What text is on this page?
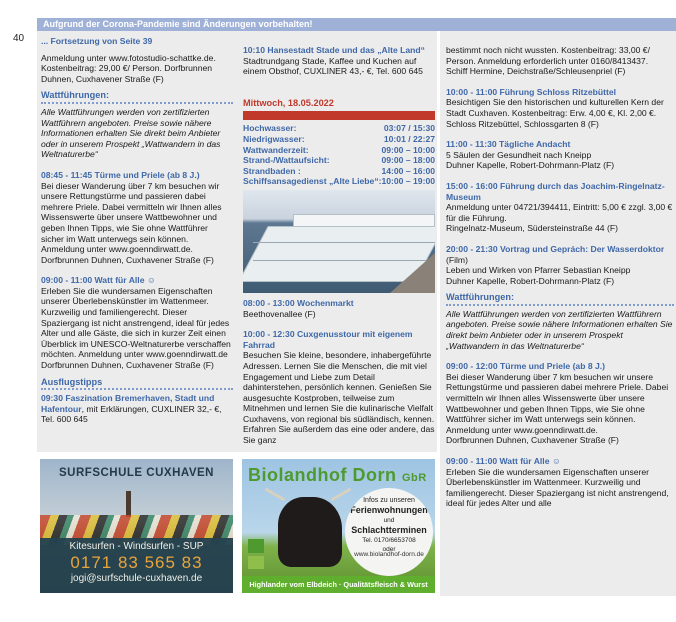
40
Aufgrund der Corona-Pandemie sind Änderungen vorbehalten!
... Fortsetzung von Seite 39
Anmeldung unter www.fotostudio-schattke.de. Kostenbeitrag: 29,00 €/ Person. Dorfbrunnen Duhnen, Cuxhavener Straße (F)
Wattführungen:
Alle Wattführungen werden von zertifizierten Wattführern angeboten. Preise sowie nähere Informationen erhalten Sie direkt beim Anbieter oder in unserem Prospekt „Wattwandern in das Weltnaturerbe“
08:45 - 11:45 Türme und Priele (ab 8 J.)
Bei dieser Wanderung über 7 km besuchen wir unsere Rettungstürme und passieren dabei mehrere Priele. Dabei vermitteln wir Ihnen alles Wissenswerte über unsere Wattbewohner und geben Ihnen Tipps, wie Sie ohne Wattführer sicher im Watt unterwegs sein können. Anmeldung unter www.goenndirwatt.de.
Dorfbrunnen Duhnen, Cuxhavener Straße (F)
09:00 - 11:00 Watt für Alle ☺
Erleben Sie die wundersamen Eigenschaften unserer Überlebenskünstler im Wattenmeer. Kurzweilig und familiengerecht. Dieser Spaziergang ist nicht anstrengend, ideal für jedes Alter und alle Gäste, die sich in kurzer Zeit einen Überblick im UNESCO-Weltnaturerbe verschaffen möchten. Anmeldung unter www.goenndirwatt.de
Dorfbrunnen Duhnen, Cuxhavener Straße (F)
Ausflugstipps
09:30 Faszination Bremerhaven, Stadt und Hafentour, mit Erklärungen, CUXLINER 32,- €, Tel. 600 645
10:10 Hansestadt Stade und das „Alte Land“
Stadtrundgang Stade, Kaffee und Kuchen auf einem Obsthof, CUXLINER 43,- €, Tel. 600 645
Mittwoch, 18.05.2022
Hochwasser:	03:07 / 15:30
Niedrigwasser:	10:01 / 22:27
Wattwanderzeit:	09:00 – 10:00
Strand-/Wattaufsicht:	09:00 – 18:00
Strandbaden :	14:00 – 16:00
Schiffsansagedienst „Alte Liebe“: 10:00 – 19:00
08:00 - 13:00 Wochenmarkt
Beethovenallee (F)
10:00 - 12:30 Cuxgenusstour mit eigenem Fahrrad
Besuchen Sie kleine, besondere, inhabergeführte Adressen. Lernen Sie die Menschen, die mit viel Engagement und Liebe zum Detail dahinterstehen, persönlich kennen. Genießen Sie ausgesuchte Kostproben, teilweise zum Mitnehmen und lernen Sie die kulinarische Vielfalt Cuxhavens, von regional bis südländisch, kennen. Erfahren Sie außerdem das eine oder andere, das Sie ganz
bestimmt noch nicht wussten. Kostenbeitrag: 33,00 €/ Person. Anmeldung erforderlich unter 0160/8413437.
Schiff Hermine, Deichstraße/Schleusenpriel (F)
10:00 - 11:00 Führung Schloss Ritzebüttel
Besichtigen Sie den historischen und kulturellen Kern der Stadt Cuxhaven. Kostenbeitrag: Erw. 4,00 €, Kl. 2,00 €.
Schloss Ritzebüttel, Schlossgarten 8 (F)
11:00 - 11:30 Tägliche Andacht
5 Säulen der Gesundheit nach Kneipp
Duhner Kapelle, Robert-Dohrmann-Platz (F)
15:00 - 16:00 Führung durch das Joachim-Ringelnatz-Museum
Anmeldung unter 04721/394411, Eintritt: 5,00 € zzgl. 3,00 € für die Führung.
Ringelnatz-Museum, Südersteinstraße 44 (F)
20:00 - 21:30 Vortrag und Geprách: Der Wasserdoktor (Film)
Leben und Wirken von Pfarrer Sebastian Kneipp
Duhner Kapelle, Robert-Dohrmann-Platz (F)
Wattführungen:
Alle Wattführungen werden von zertifizierten Wattführern angeboten. Preise sowie nähere Informationen erhalten Sie direkt beim Anbieter oder in unserem Prospekt „Wattwandern in das Weltnaturerbe“
09:00 - 12:00 Türme und Priele (ab 8 J.)
Bei dieser Wanderung über 7 km besuchen wir unsere Rettungstürme und passieren dabei mehrere Priele. Dabei vermitteln wir Ihnen alles Wissenswerte über unsere Wattbewohner und geben Ihnen Tipps, wie Sie ohne Wattführer sicher im Watt unterwegs sein können. Anmeldung unter www.goenndirwatt.de.
Dorfbrunnen Duhnen, Cuxhavener Straße (F)
09:00 - 11:00 Watt für Alle ☺
Erleben Sie die wundersamen Eigenschaften unserer Überlebenskünstler im Wattenmeer. Kurzweilig und familiengerecht. Dieser Spaziergang ist nicht anstrengend, ideal für jedes Alter und alle
SURFSCHULE CUXHAVEN
Kitesurfen - Windsurfen - SUP
0171 83 565 83
jogi@surfschule-cuxhaven.de
Biolandhof Dorn GbR
Infos zu unseren
Ferienwohnungen
und
Schlachtterminen
Tel. 0170/6653708
oder
www.biolandhof-dorn.de
Highlander vom Elbdeich · Qualitätsfleisch & Wurst
